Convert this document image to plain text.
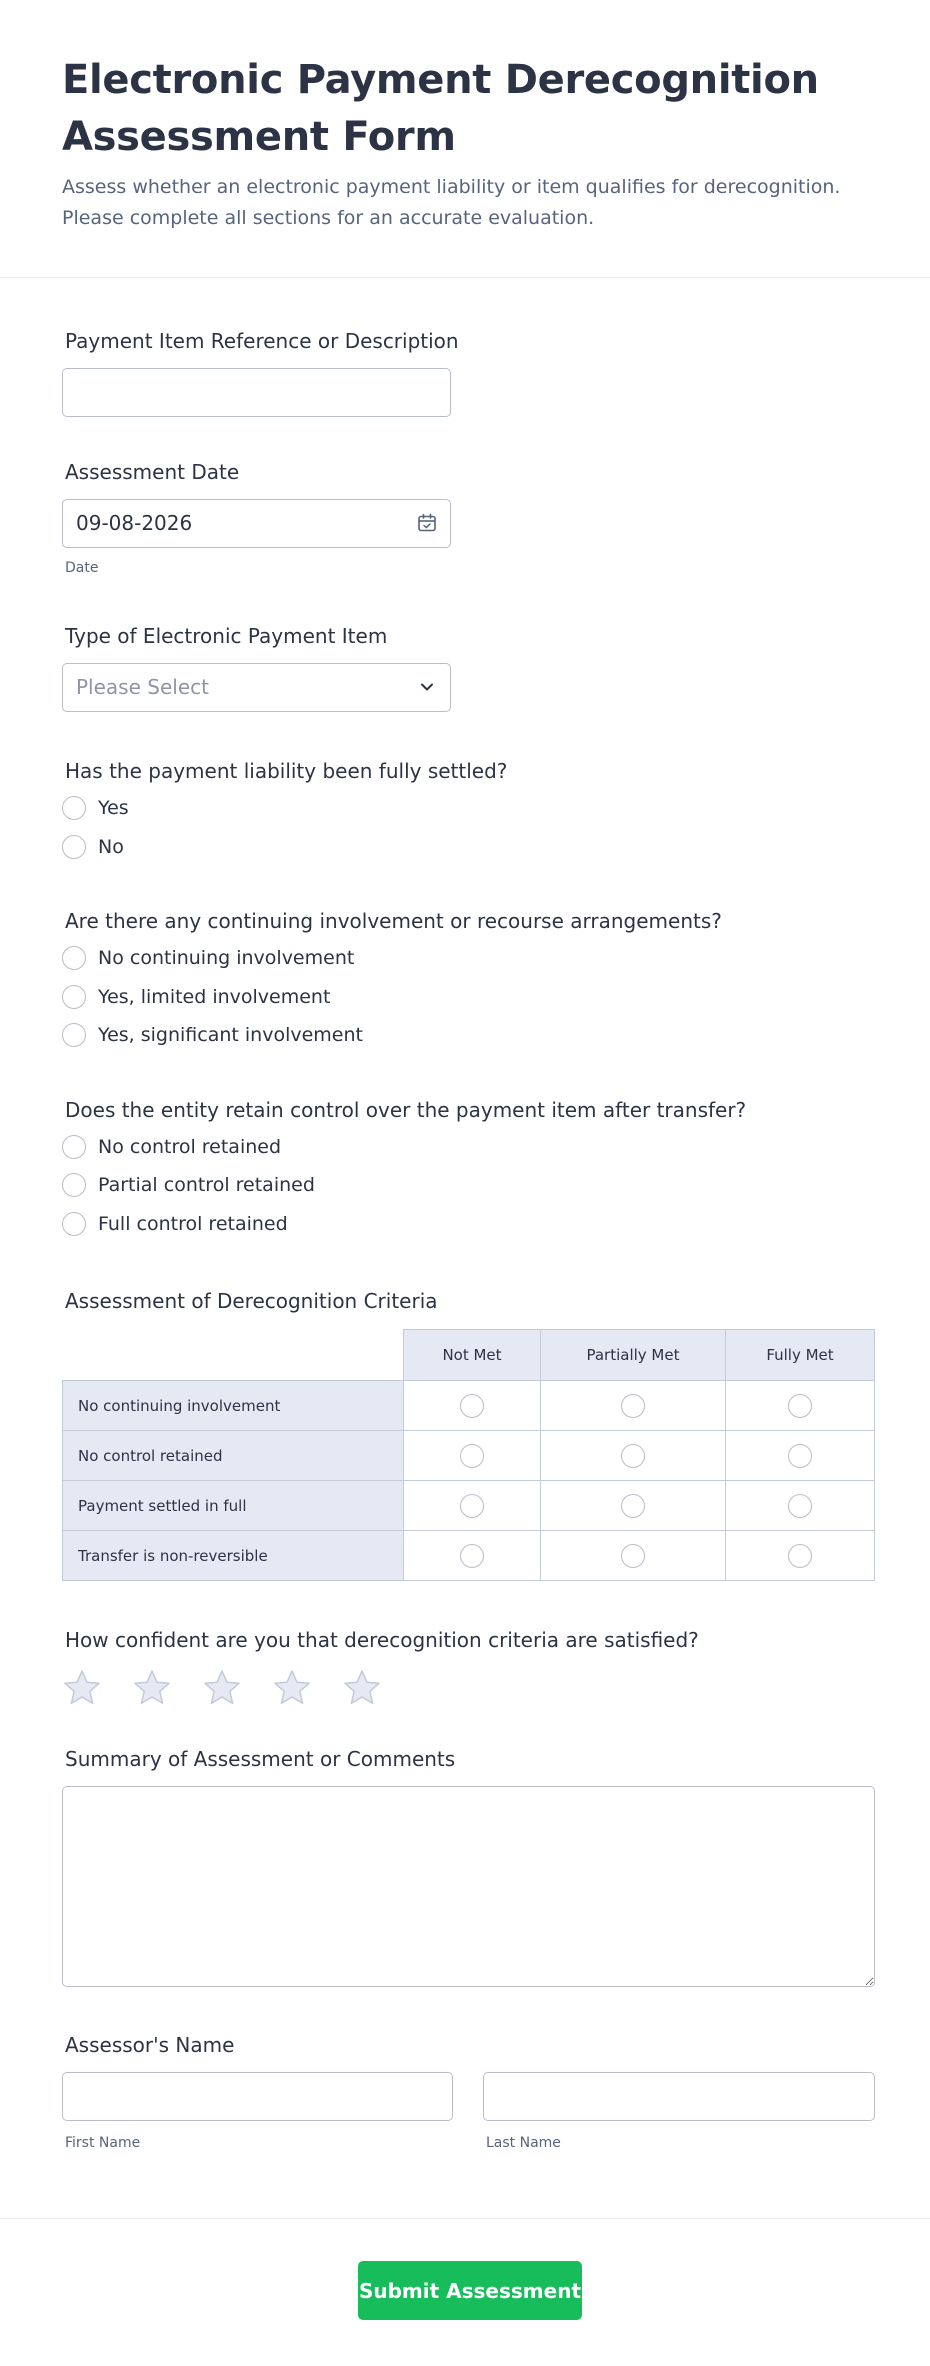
Electronic Payment Derecognition Assessment Form
Assess whether an electronic payment liability or item qualifies for derecognition. Please complete all sections for an accurate evaluation.
Payment Item Reference or Description
Assessment Date
09-08-2026
Date
Type of Electronic Payment Item
Please Select
Has the payment liability been fully settled?
Yes
No
Are there any continuing involvement or recourse arrangements?
No continuing involvement
Yes, limited involvement
Yes, significant involvement
Does the entity retain control over the payment item after transfer?
No control retained
Partial control retained
Full control retained
Assessment of Derecognition Criteria
	Not Met	Partially Met	Fully Met
No continuing involvement			
No control retained			
Payment settled in full			
Transfer is non-reversible			
How confident are you that derecognition criteria are satisfied?
Summary of Assessment or Comments
Assessor's Name
First Name	Last Name
Submit Assessment
